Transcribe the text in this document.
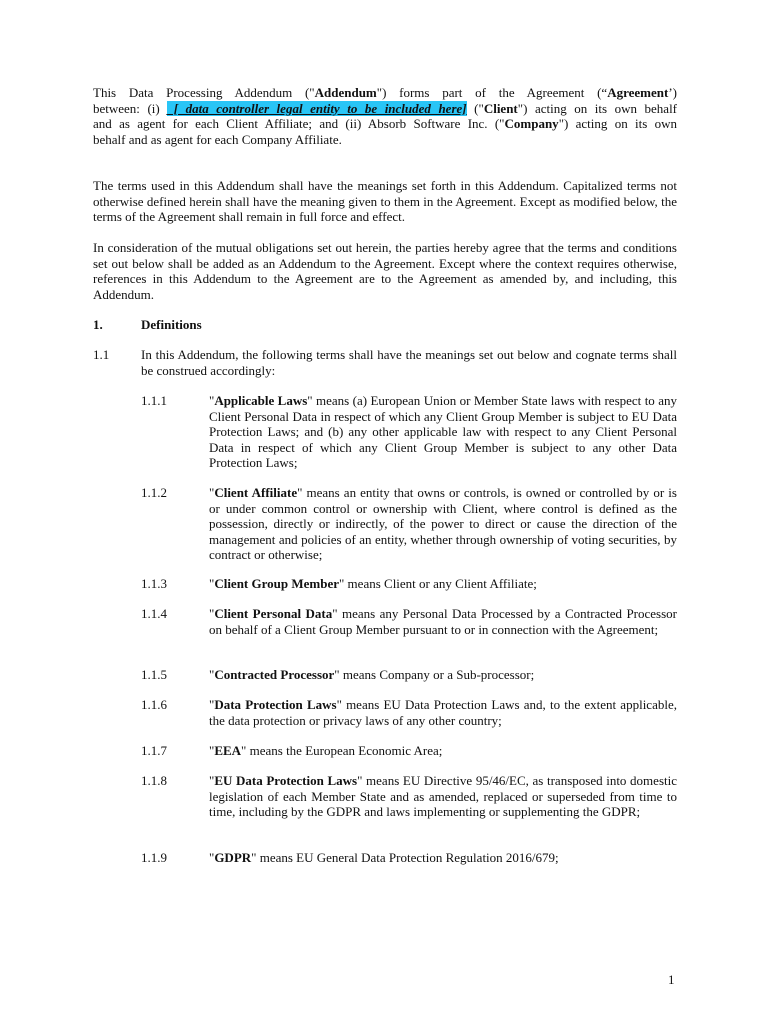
This Data Processing Addendum ("Addendum") forms part of the Agreement (“Agreement’)
between: (i) _[ data controller legal entity to be included here] ("Client") acting on its own behalf
and as agent for each Client Affiliate; and (ii) Absorb Software Inc. ("Company") acting on its own
behalf and as agent for each Company Affiliate.

The terms used in this Addendum shall have the meanings set forth in this Addendum. Capitalized terms not otherwise defined herein shall have the meaning given to them in the Agreement. Except as modified below, the terms of the Agreement shall remain in full force and effect.

In consideration of the mutual obligations set out herein, the parties hereby agree that the terms and conditions set out below shall be added as an Addendum to the Agreement. Except where the context requires otherwise, references in this Addendum to the Agreement are to the Agreement as amended by, and including, this Addendum.

1.	Definitions
1.1 In this Addendum, the following terms shall have the meanings set out below and cognate terms shall be construed accordingly:

1.1.1	"Applicable Laws" means (a) European Union or Member State laws with respect to any Client Personal Data in respect of which any Client Group Member is subject to EU Data Protection Laws; and (b) any other applicable law with respect to any Client Personal Data in respect of which any Client Group Member is subject to any other Data Protection Laws;

1.1.2	"Client Affiliate" means an entity that owns or controls, is owned or controlled by or is or under common control or ownership with Client, where control is defined as the possession, directly or indirectly, of the power to direct or cause the direction of the management and policies of an entity, whether through ownership of voting securities, by contract or otherwise;

1.1.3	"Client Group Member" means Client or any Client Affiliate;

1.1.4	"Client Personal Data" means any Personal Data Processed by a Contracted Processor on behalf of a Client Group Member pursuant to or in connection with the Agreement;

1.1.5	"Contracted Processor" means Company or a Sub-processor;

1.1.6	"Data Protection Laws" means EU Data Protection Laws and, to the extent applicable, the data protection or privacy laws of any other country;

1.1.7	"EEA" means the European Economic Area;

1.1.8	"EU Data Protection Laws" means EU Directive 95/46/EC, as transposed into domestic legislation of each Member State and as amended, replaced or superseded from time to time, including by the GDPR and laws implementing or supplementing the GDPR;

1.1.9	"GDPR" means EU General Data Protection Regulation 2016/679;

1
